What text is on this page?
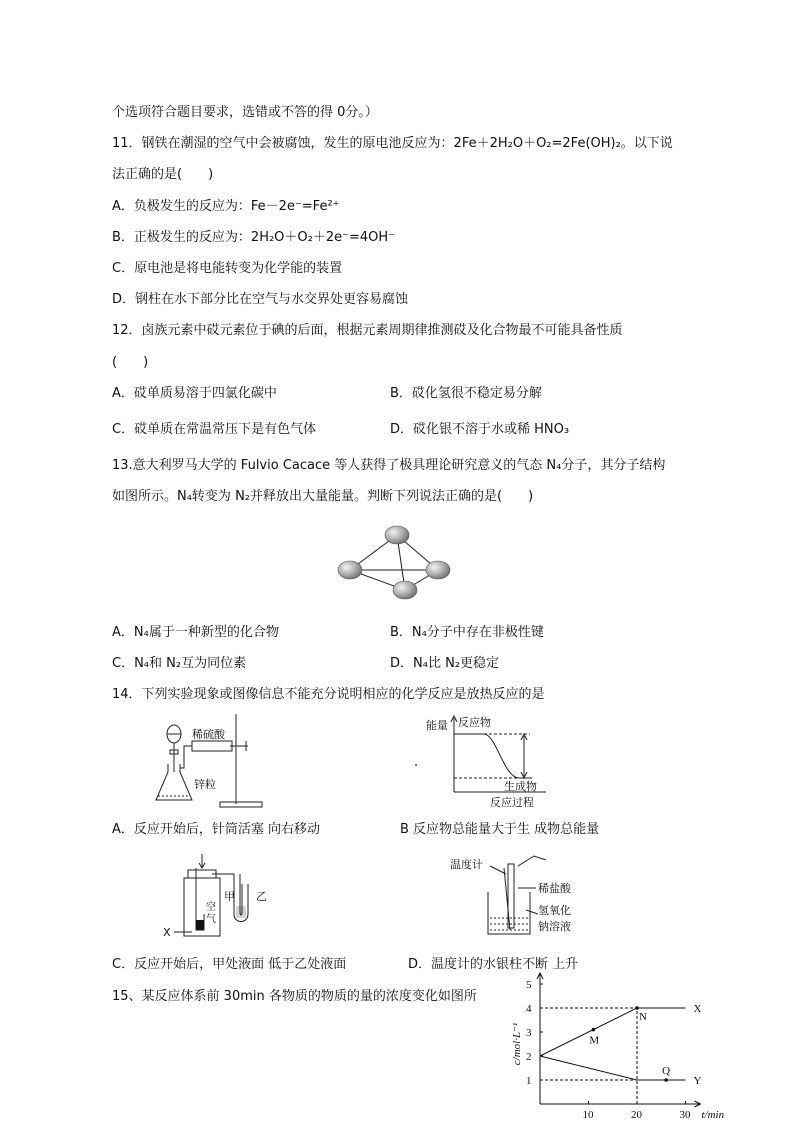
个选项符合题目要求，选错或不答的得 0分。）
11．钢铁在潮湿的空气中会被腐蚀，发生的原电池反应为：2Fe＋2H₂O＋O₂=2Fe(OH)₂。以下说
法正确的是(　　)
A．负极发生的反应为：Fe－2e⁻=Fe²⁺
B．正极发生的反应为：2H₂O＋O₂＋2e⁻=4OH⁻
C．原电池是将电能转变为化学能的装置
D．钢柱在水下部分比在空气与水交界处更容易腐蚀
12．卤族元素中砹元素位于碘的后面，根据元素周期律推测砹及化合物最不可能具备性质
(　　)
A．砹单质易溶于四氯化碳中	B．砹化氢很不稳定易分解
C．砹单质在常温常压下是有色气体	D．砹化银不溶于水或稀 HNO₃
13.意大利罗马大学的 Fulvio Cacace 等人获得了极具理论研究意义的气态 N₄分子，其分子结构
如图所示。N₄转变为 N₂并释放出大量能量。判断下列说法正确的是(　　)
A．N₄属于一种新型的化合物	B．N₄分子中存在非极性键
C．N₄和 N₂互为同位素	D．N₄比 N₂更稳定
14．下列实验现象或图像信息不能充分说明相应的化学反应是放热反应的是
稀硫酸
锌粒
.
能量 反应物
生成物
反应过程
A．反应开始后，针筒活塞 向右移动	B 反应物总能量大于生 成物总能量
甲 乙
空
气
X
温度计
稀盐酸
氢氧化
钠溶液
C．反应开始后，甲处液面 低于乙处液面	D．温度计的水银柱不断 上升
15、某反应体系前 30min 各物质的物质的量的浓度变化如图所
X
Y
M
N
Q
1
2
3
4
5
10	20	30
c/mol·L⁻¹
t/min
